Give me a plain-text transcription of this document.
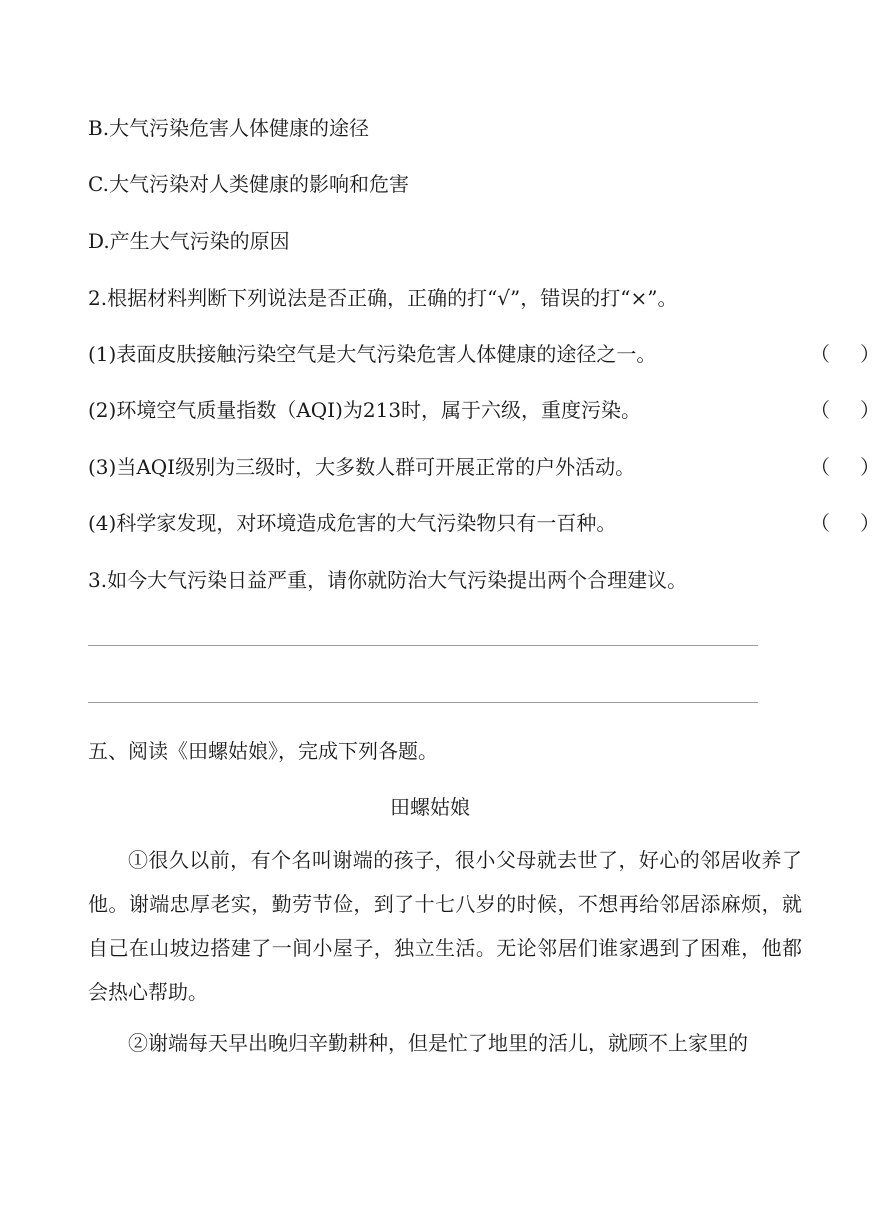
B.大气污染危害人体健康的途径
C.大气污染对人类健康的影响和危害
D.产生大气污染的原因
2.根据材料判断下列说法是否正确，正确的打“√”，错误的打“×”。
(1)表面皮肤接触污染空气是大气污染危害人体健康的途径之一。	（ ）
(2)环境空气质量指数（AQI)为213时，属于六级，重度污染。	（ ）
(3)当AQI级别为三级时，大多数人群可开展正常的户外活动。	（ ）
(4)科学家发现，对环境造成危害的大气污染物只有一百种。	（ ）
3.如今大气污染日益严重，请你就防治大气污染提出两个合理建议。
五、阅读《田螺姑娘》，完成下列各题。
田螺姑娘

①很久以前，有个名叫谢端的孩子，很小父母就去世了，好心的邻居收养了他。谢端忠厚老实，勤劳节俭，到了十七八岁的时候，不想再给邻居添麻烦，就自己在山坡边搭建了一间小屋子，独立生活。无论邻居们谁家遇到了困难，他都会热心帮助。

②谢端每天早出晚归辛勤耕种，但是忙了地里的活儿，就顾不上家里的
